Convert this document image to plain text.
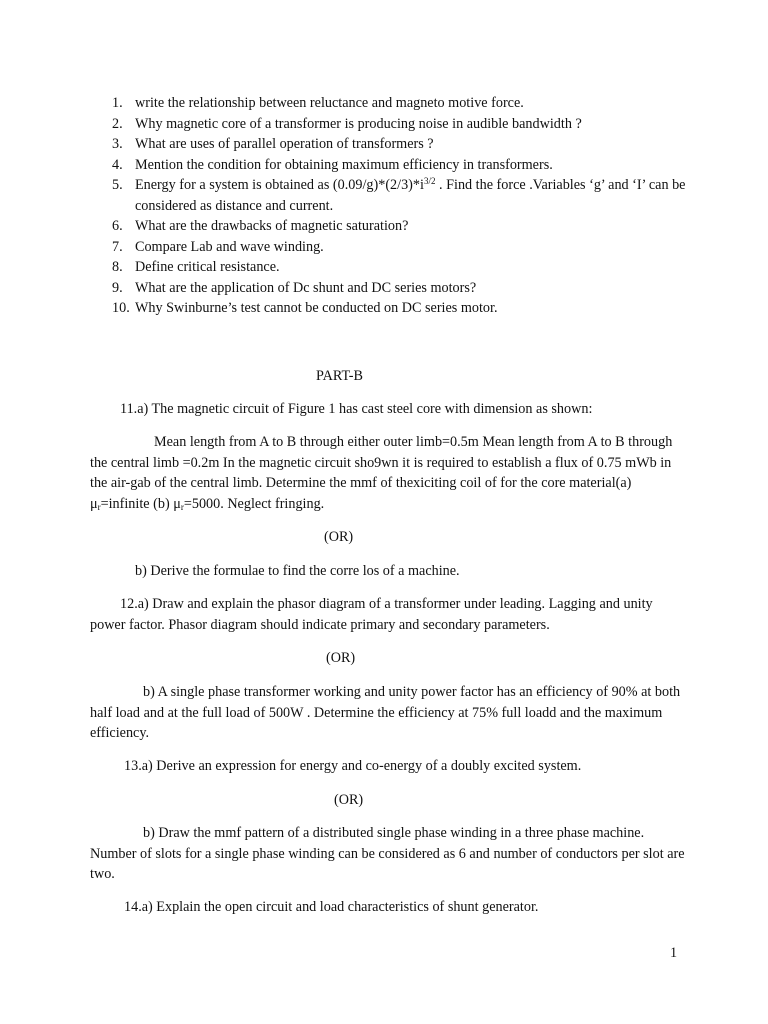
1. write the relationship between reluctance and magneto motive force.
2. Why magnetic core of a transformer is producing noise in audible bandwidth ?
3. What are uses of parallel operation of transformers ?
4. Mention the condition for obtaining maximum efficiency in transformers.
5. Energy for a system is obtained as $(0.09/g)*(2/3)*i^{3/2}$ . Find the force .Variables ‘g’ and ‘I’ can be considered as distance and current.
6. What are the drawbacks of magnetic saturation?
7. Compare Lab and wave winding.
8. Define critical resistance.
9. What are the application of Dc shunt and DC series motors?
10. Why Swinburne’s test cannot be conducted on DC series motor.
PART-B
11.a) The magnetic circuit of Figure 1 has cast steel core with dimension as shown:

Mean length from A to B through either outer limb=0.5m Mean length from A to B through the central limb =0.2m In the magnetic circuit sho9wn it is required to establish a flux of 0.75 mWb in the air-gab of the central limb. Determine the mmf of thexiciting coil of for the core material(a) $\mu_r=infinite$ (b) $\mu_r=5000$. Neglect fringing.

(OR)
b) Derive the formulae to find the corre los of a machine.

12.a) Draw and explain the phasor diagram of a transformer under leading. Lagging and unity power factor. Phasor diagram should indicate primary and secondary parameters.

(OR)

b) A single phase transformer working and unity power factor has an efficiency of 90% at both half load and at the full load of 500W . Determine the efficiency at 75% full loadd and the maximum efficiency.

13.a) Derive an expression for energy and co-energy of a doubly excited system.
(OR)

b) Draw the mmf pattern of a distributed single phase winding in a three phase machine. Number of slots for a single phase winding can be considered as 6 and number of conductors per slot are two.

14.a) Explain the open circuit and load characteristics of shunt generator.
1
